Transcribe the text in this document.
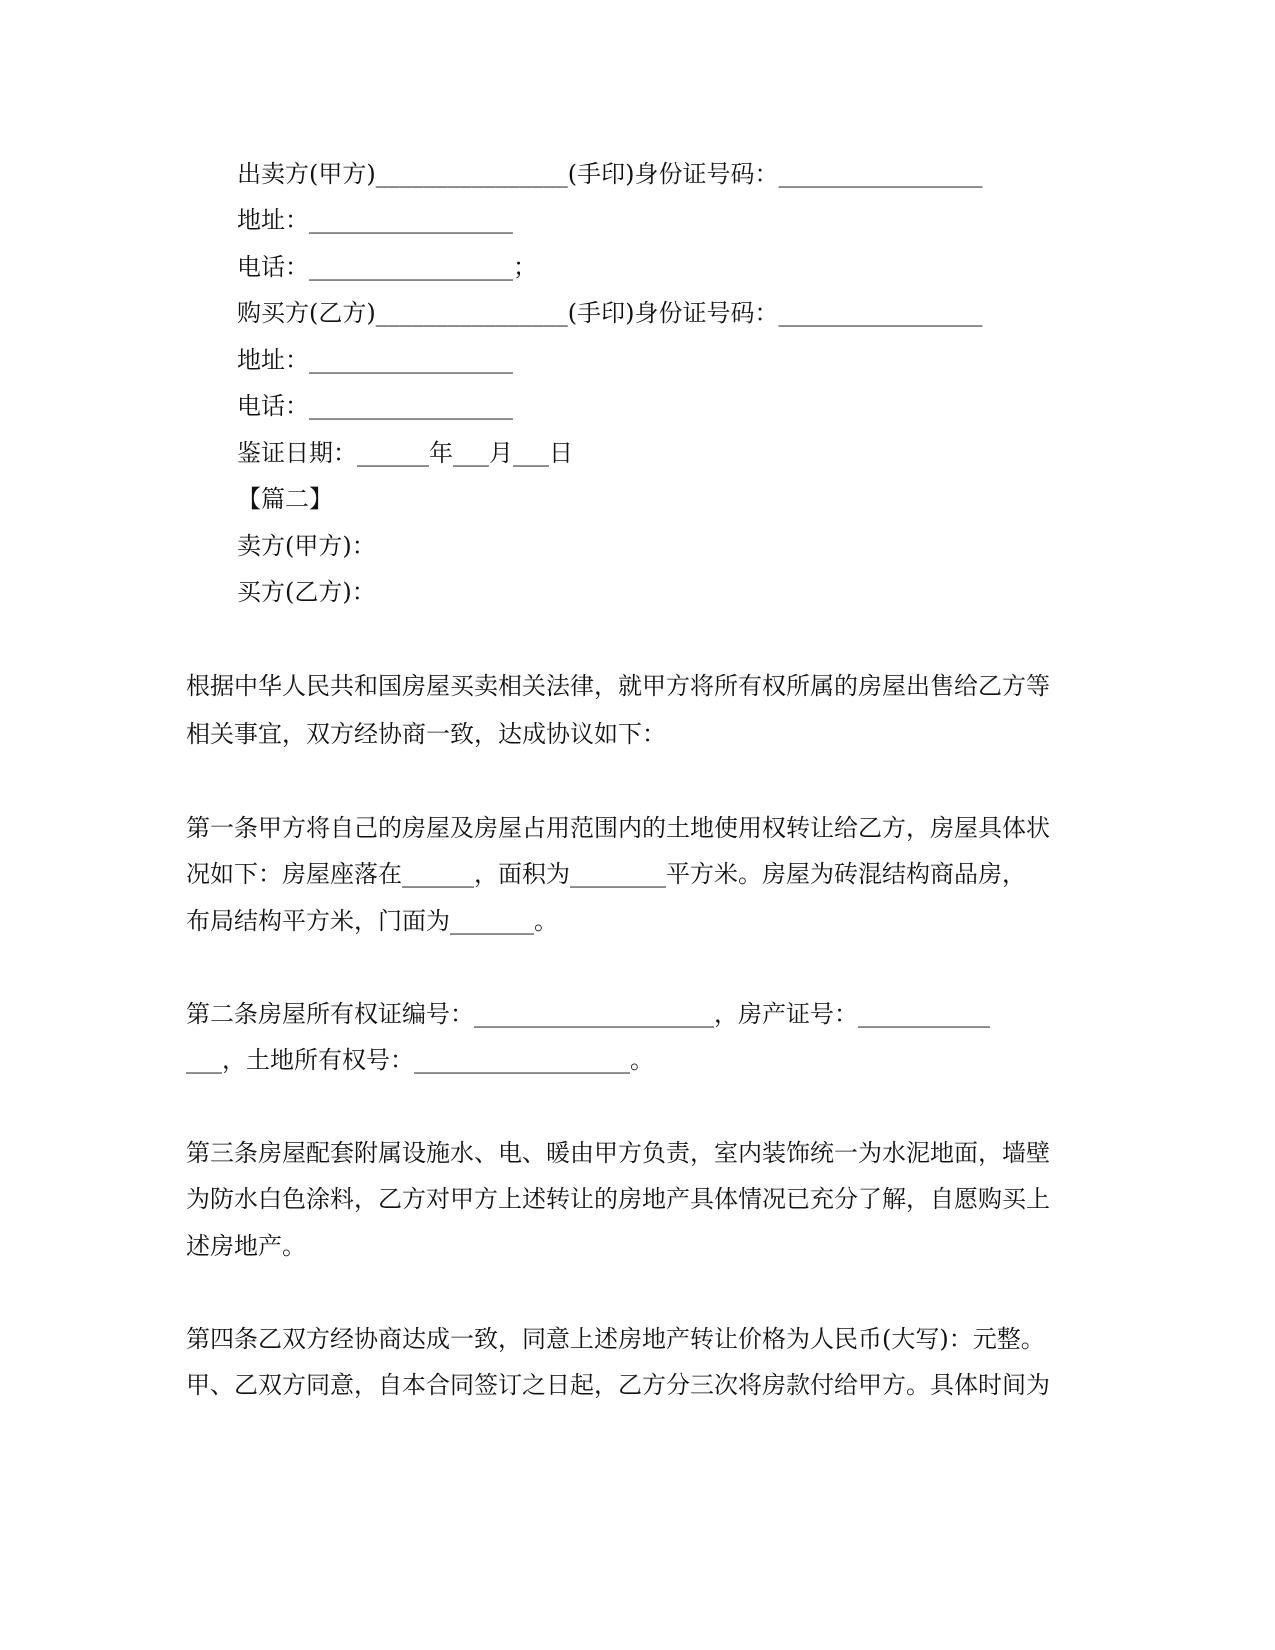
出卖方(甲方)________________(手印)身份证号码：_________________
地址：_________________
电话：_________________；
购买方(乙方)________________(手印)身份证号码：_________________
地址：_________________
电话：_________________
鉴证日期：______年___月___日
【篇二】
卖方(甲方)：
买方(乙方)：
根据中华人民共和国房屋买卖相关法律，就甲方将所有权所属的房屋出售给乙方等
相关事宜，双方经协商一致，达成协议如下：
第一条甲方将自己的房屋及房屋占用范围内的土地使用权转让给乙方，房屋具体状
况如下：房屋座落在______，面积为________平方米。房屋为砖混结构商品房，
布局结构平方米，门面为_______。
第二条房屋所有权证编号：____________________，房产证号：___________
___，土地所有权号：__________________。
第三条房屋配套附属设施水、电、暖由甲方负责，室内装饰统一为水泥地面，墙壁
为防水白色涂料，乙方对甲方上述转让的房地产具体情况已充分了解，自愿购买上
述房地产。
第四条乙双方经协商达成一致，同意上述房地产转让价格为人民币(大写)：元整。
甲、乙双方同意，自本合同签订之日起，乙方分三次将房款付给甲方。具体时间为
